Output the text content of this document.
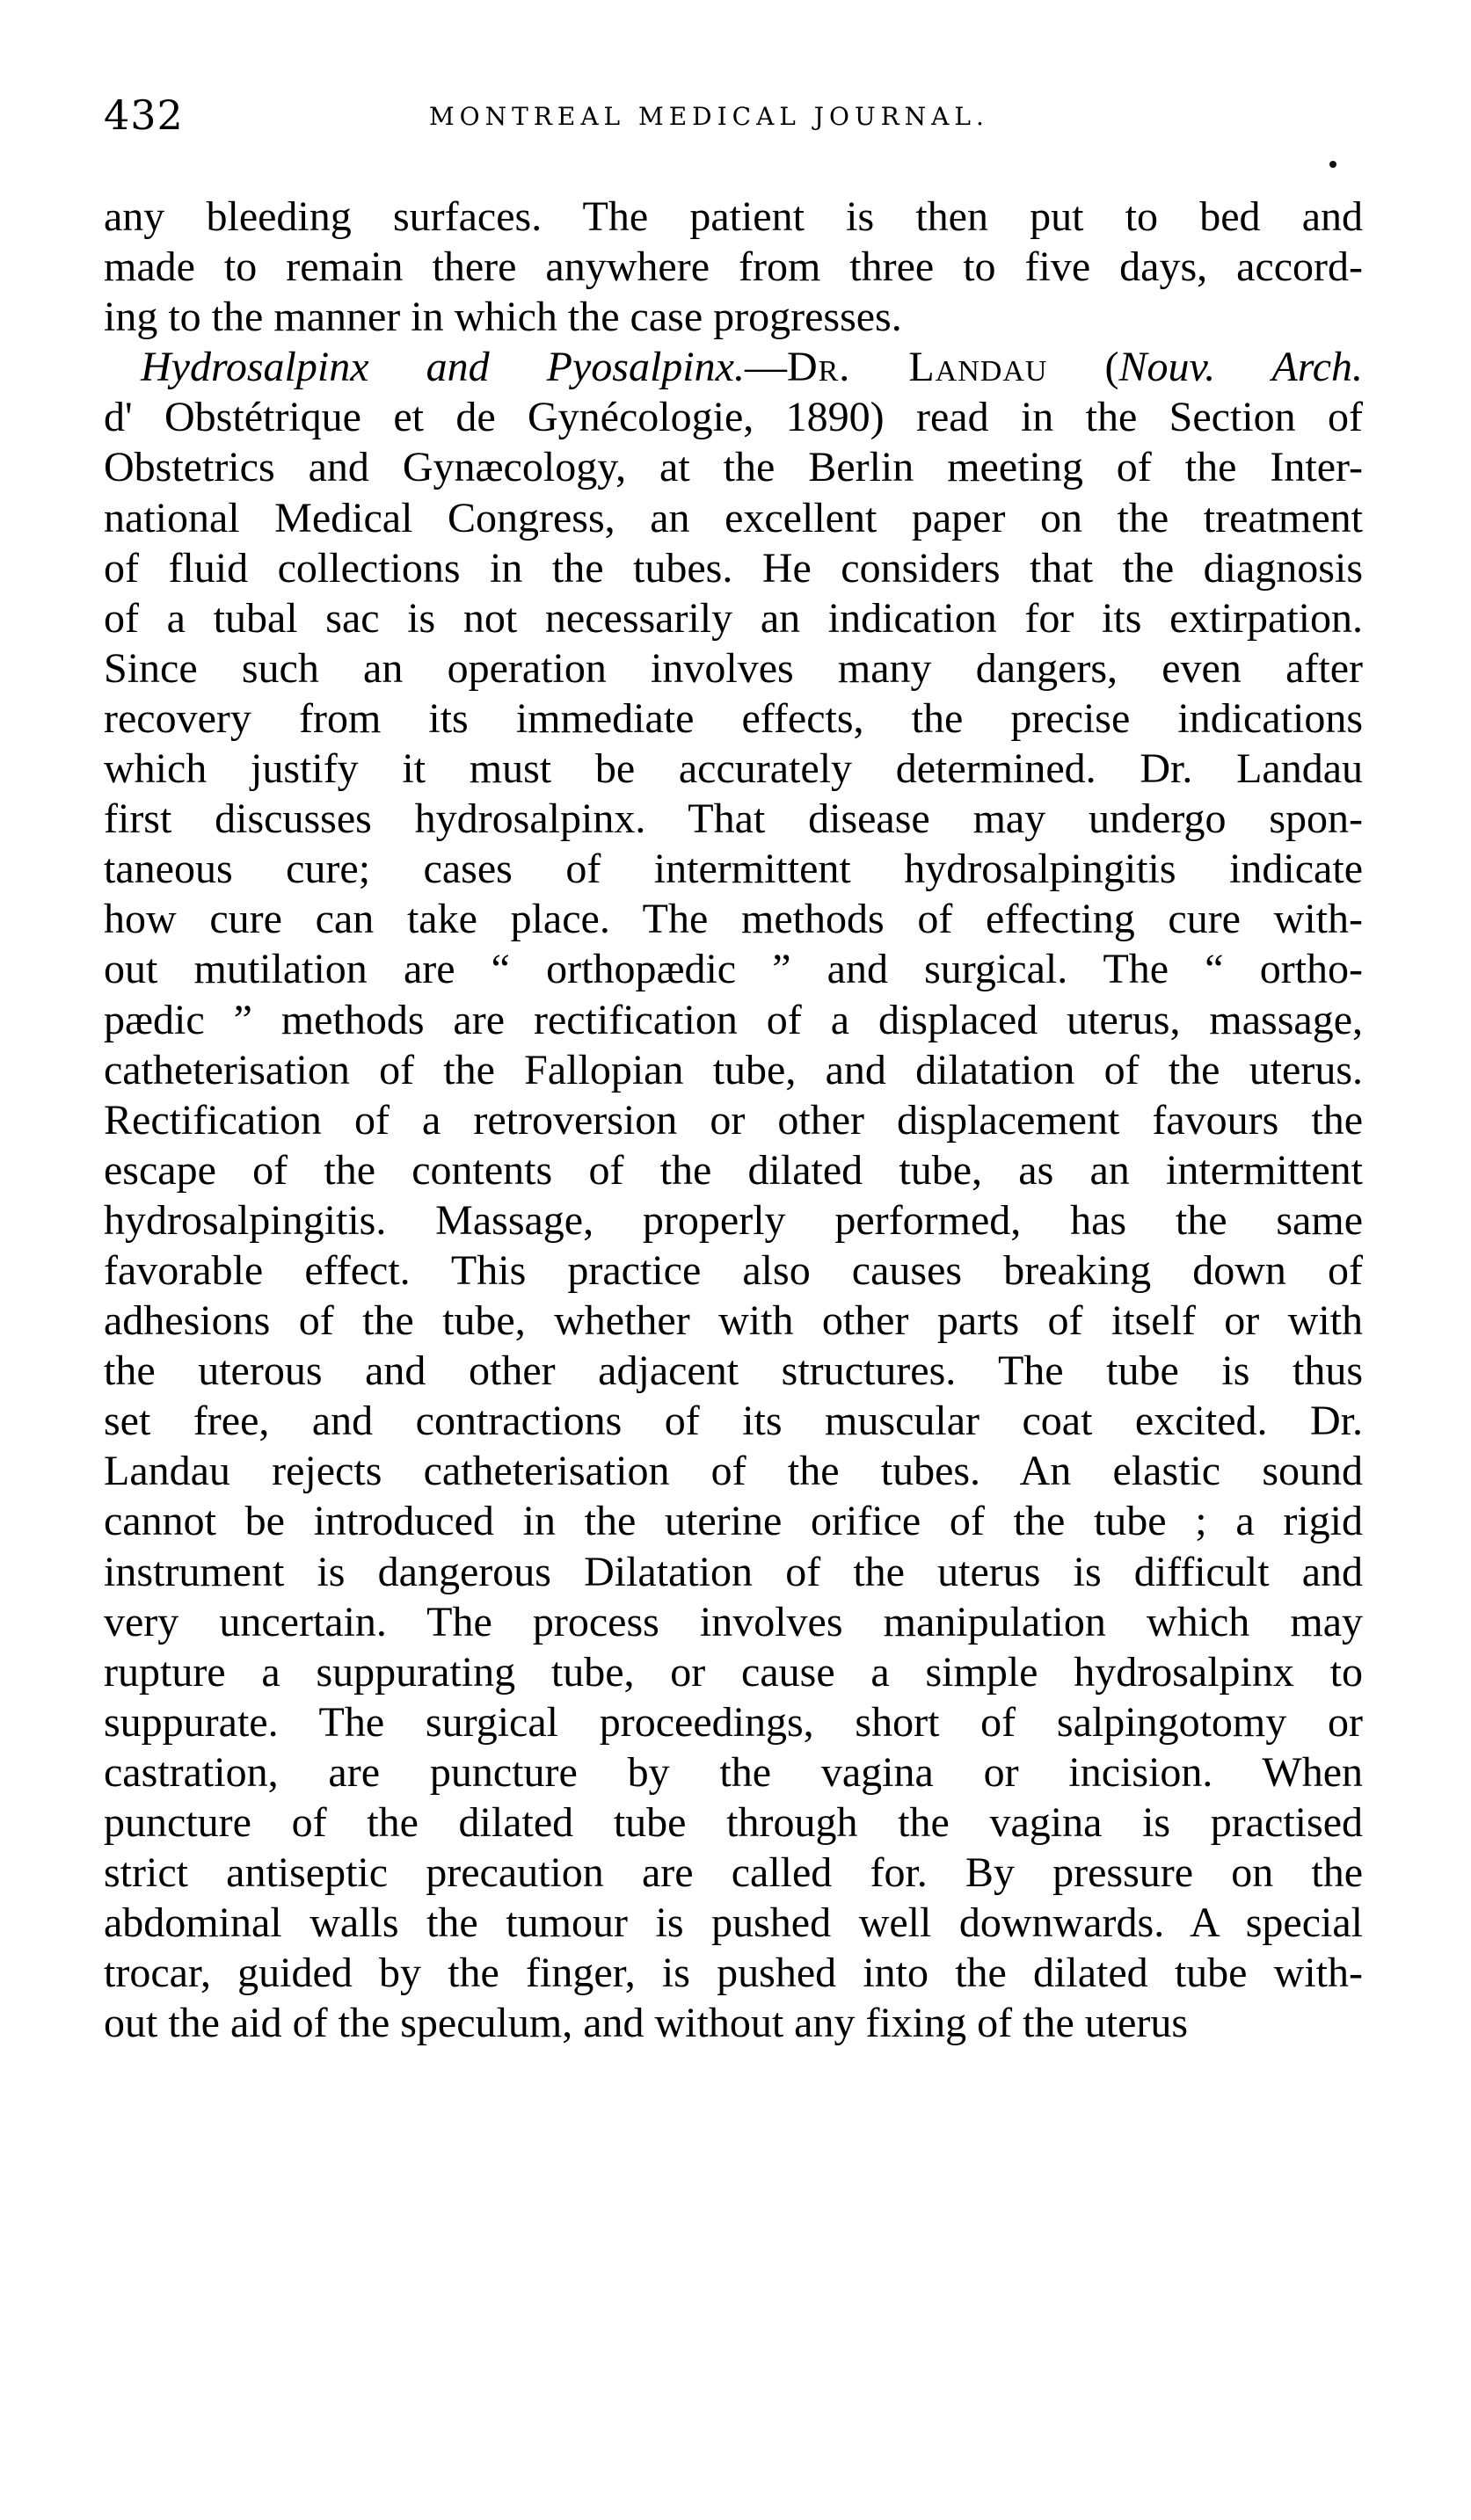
432	MONTREAL MEDICAL JOURNAL.
any bleeding surfaces. The patient is then put to bed and
made to remain there anywhere from three to five days, accord-
ing to the manner in which the case progresses.
Hydrosalpinx and Pyosalpinx.—Dr. Landau (Nouv. Arch.
d' Obstétrique et de Gynécologie, 1890) read in the Section of
Obstetrics and Gynæcology, at the Berlin meeting of the Inter-
national Medical Congress, an excellent paper on the treatment
of fluid collections in the tubes. He considers that the diagnosis
of a tubal sac is not necessarily an indication for its extirpation.
Since such an operation involves many dangers, even after
recovery from its immediate effects, the precise indications
which justify it must be accurately determined. Dr. Landau
first discusses hydrosalpinx. That disease may undergo spon-
taneous cure; cases of intermittent hydrosalpingitis indicate
how cure can take place. The methods of effecting cure with-
out mutilation are “ orthopædic ” and surgical. The “ ortho-
pædic ” methods are rectification of a displaced uterus, massage,
catheterisation of the Fallopian tube, and dilatation of the uterus.
Rectification of a retroversion or other displacement favours the
escape of the contents of the dilated tube, as an intermittent
hydrosalpingitis. Massage, properly performed, has the same
favorable effect. This practice also causes breaking down of
adhesions of the tube, whether with other parts of itself or with
the uterous and other adjacent structures. The tube is thus
set free, and contractions of its muscular coat excited. Dr.
Landau rejects catheterisation of the tubes. An elastic sound
cannot be introduced in the uterine orifice of the tube ; a rigid
instrument is dangerous Dilatation of the uterus is difficult and
very uncertain. The process involves manipulation which may
rupture a suppurating tube, or cause a simple hydrosalpinx to
suppurate. The surgical proceedings, short of salpingotomy or
castration, are puncture by the vagina or incision. When
puncture of the dilated tube through the vagina is practised
strict antiseptic precaution are called for. By pressure on the
abdominal walls the tumour is pushed well downwards. A special
trocar, guided by the finger, is pushed into the dilated tube with-
out the aid of the speculum, and without any fixing of the uterus
